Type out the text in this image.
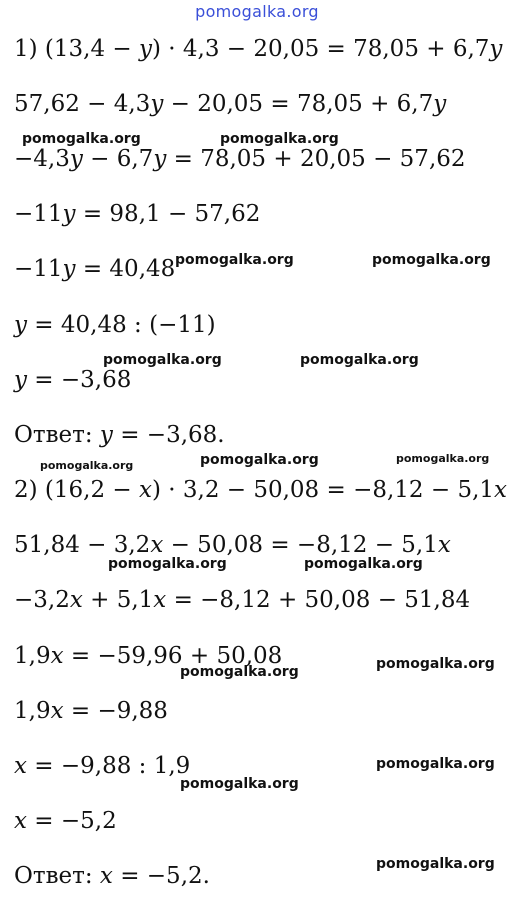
pomogalka.org
1) (13,4 − 𝑦) · 4,3 − 20,05 = 78,05 + 6,7𝑦
57,62 − 4,3𝑦 − 20,05 = 78,05 + 6,7𝑦
−4,3𝑦 − 6,7𝑦 = 78,05 + 20,05 − 57,62
−11𝑦 = 98,1 − 57,62
−11𝑦 = 40,48
𝑦 = 40,48 : (−11)
𝑦 = −3,68
Ответ: 𝑦 = −3,68.
2) (16,2 − 𝑥) · 3,2 − 50,08 = −8,12 − 5,1𝑥
51,84 − 3,2𝑥 − 50,08 = −8,12 − 5,1𝑥
−3,2𝑥 + 5,1𝑥 = −8,12 + 50,08 − 51,84
1,9𝑥 = −59,96 + 50,08
1,9𝑥 = −9,88
𝑥 = −9,88 : 1,9
𝑥 = −5,2
Ответ: 𝑥 = −5,2.
pomogalka.org	pomogalka.org
pomogalka.org	pomogalka.org
pomogalka.org	pomogalka.org
pomogalka.org	pomogalka.org	pomogalka.org
pomogalka.org	pomogalka.org
pomogalka.org	pomogalka.org
pomogalka.org
pomogalka.org
pomogalka.org
